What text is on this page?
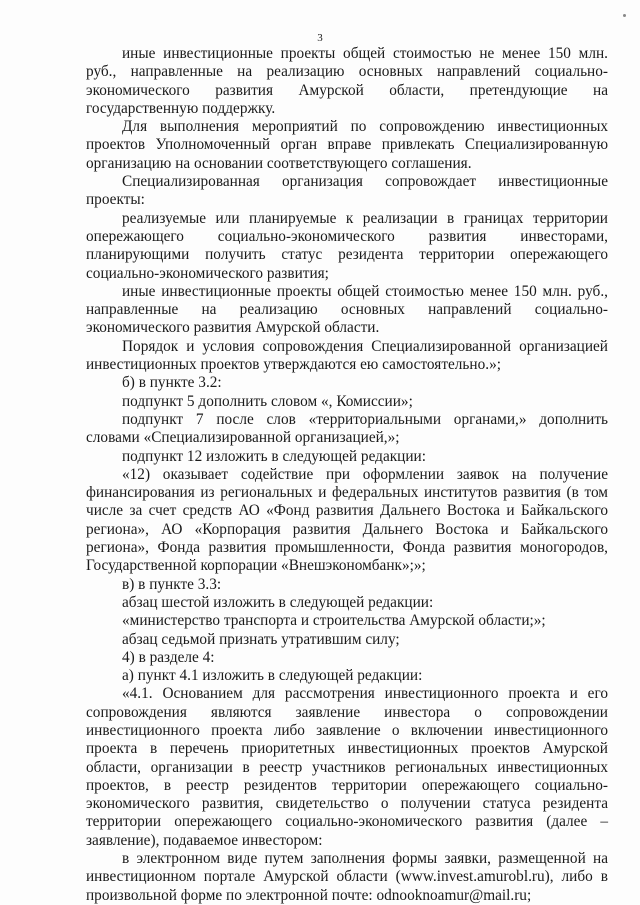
3

иные инвестиционные проекты общей стоимостью не менее 150 млн. руб., направленные на реализацию основных направлений социально-экономического развития Амурской области, претендующие на государственную поддержку.

Для выполнения мероприятий по сопровождению инвестиционных проектов Уполномоченный орган вправе привлекать Специализированную организацию на основании соответствующего соглашения.

Специализированная организация сопровождает инвестиционные проекты:

реализуемые или планируемые к реализации в границах территории опережающего социально-экономического развития инвесторами, планирующими получить статус резидента территории опережающего социально-экономического развития;

иные инвестиционные проекты общей стоимостью менее 150 млн. руб., направленные на реализацию основных направлений социально-экономического развития Амурской области.

Порядок и условия сопровождения Специализированной организацией инвестиционных проектов утверждаются ею самостоятельно.»;

б) в пункте 3.2:

подпункт 5 дополнить словом «, Комиссии»;

подпункт 7 после слов «территориальными органами,» дополнить словами «Специализированной организацией,»;

подпункт 12 изложить в следующей редакции:

«12) оказывает содействие при оформлении заявок на получение финансирования из региональных и федеральных институтов развития (в том числе за счет средств АО «Фонд развития Дальнего Востока и Байкальского региона», АО «Корпорация развития Дальнего Востока и Байкальского региона», Фонда развития промышленности, Фонда развития моногородов, Государственной корпорации «Внешэкономбанк»;»;

в) в пункте 3.3:

абзац шестой изложить в следующей редакции:

«министерство транспорта и строительства Амурской области;»;

абзац седьмой признать утратившим силу;

4) в разделе 4:

а) пункт 4.1 изложить в следующей редакции:

«4.1. Основанием для рассмотрения инвестиционного проекта и его сопровождения являются заявление инвестора о сопровождении инвестиционного проекта либо заявление о включении инвестиционного проекта в перечень приоритетных инвестиционных проектов Амурской области, организации в реестр участников региональных инвестиционных проектов, в реестр резидентов территории опережающего социально-экономического развития, свидетельство о получении статуса резидента территории опережающего социально-экономического развития (далее – заявление), подаваемое инвестором:

в электронном виде путем заполнения формы заявки, размещенной на инвестиционном портале Амурской области (www.invest.amurobl.ru), либо в произвольной форме по электронной почте: odnooknoamur@mail.ru;
